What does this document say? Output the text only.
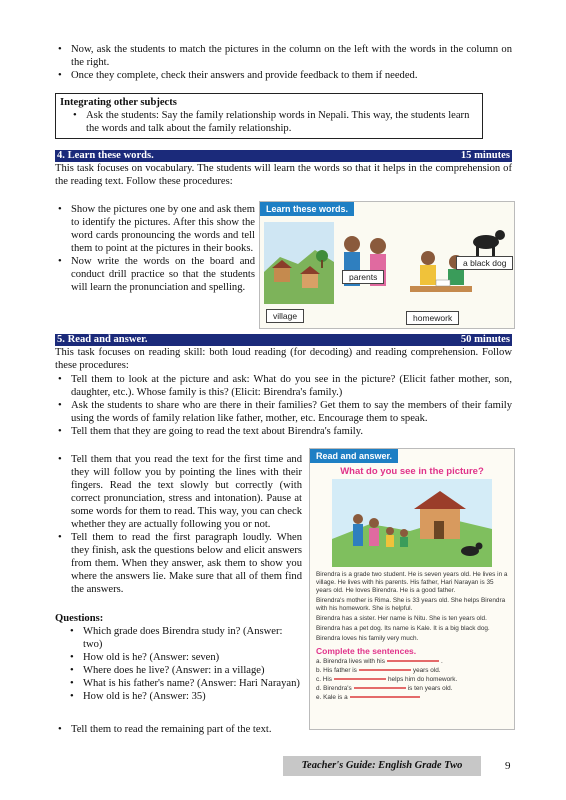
• Now, ask the students to match the pictures in the column on the left with the words in the column on the right.
• Once they complete, check their answers and provide feedback to them if needed.
Integrating other subjects
• Ask the students: Say the family relationship words in Nepali. This way, the students learn the words and talk about the family relationship.
4. Learn these words.	15 minutes
This task focuses on vocabulary. The students will learn the words so that it helps in the comprehension of the reading text. Follow these procedures:
• Show the pictures one by one and ask them to identify the pictures. After this show the word cards pronouncing the words and tell them to point at the pictures in their books.
• Now write the words on the board and conduct drill practice so that the students will learn the pronunciation and spelling.
Learn these words.
parents
a black dog
village	homework
5. Read and answer.	50 minutes
This task focuses on reading skill: both loud reading (for decoding) and reading comprehension. Follow these procedures:
• Tell them to look at the picture and ask: What do you see in the picture? (Elicit father mother, son, daughter, etc.). Whose family is this? (Elicit: Birendra's family.)
• Ask the students to share who are there in their families? Get them to say the members of their family using the words of family relation like father, mother, etc. Encourage them to speak.
• Tell them that they are going to read the text about Birendra's family.
• Tell them that you read the text for the first time and they will follow you by pointing the lines with their fingers. Read the text slowly but correctly (with correct pronunciation, stress and intonation). Pause at some words for them to read. This way, you can check whether they are actually following you or not.
• Tell them to read the first paragraph loudly. When they finish, ask the questions below and elicit answers from them. When they answer, ask them to show you where the answers lie. Make sure that all of them find the answers.
Questions:
• Which grade does Birendra study in? (Answer: two)
• How old is he? (Answer: seven)
• Where does he live? (Answer: in a village)
• What is his father's name? (Answer: Hari Narayan)
• How old is he? (Answer: 35)
• Tell them to read the remaining part of the text.
Read and answer.
What do you see in the picture?

Birendra is a grade two student. He is seven years old. He lives in a village. He lives with his parents. His father, Hari Narayan is 35 years old. He loves Birendra. He is a good father.

Birendra's mother is Rima. She is 33 years old. She helps Birendra with his homework. She is helpful.

Birendra has a sister. Her name is Nitu. She is ten years old.

Birendra has a pet dog. Its name is Kale. It is a big black dog.

Birendra loves his family very much.

Complete the sentences.
a. Birendra lives with his	.
b. His father is	years old.
c. His	helps him do homework.
d. Birendra's	is ten years old.
e. Kale is a
Teacher's Guide: English Grade Two	9
